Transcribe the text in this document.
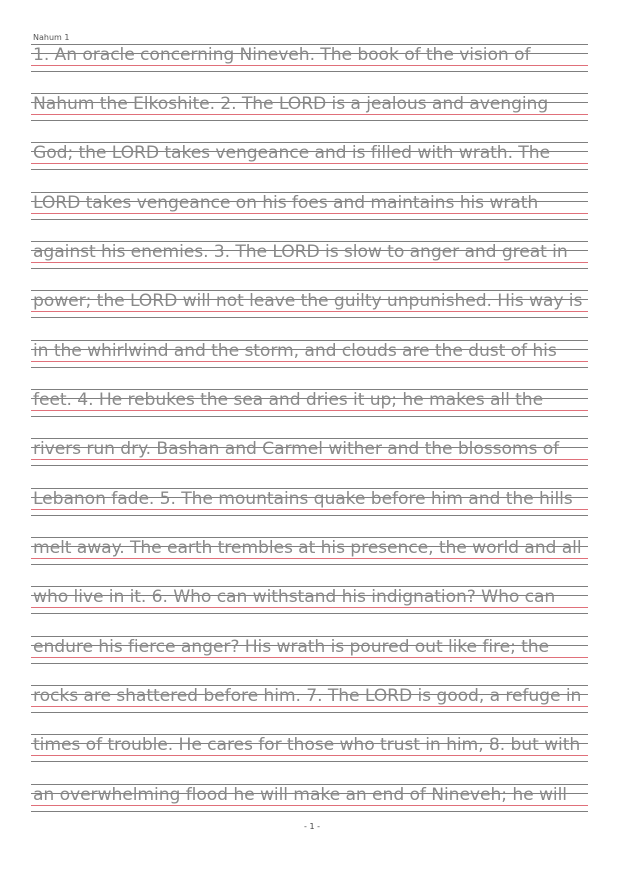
Nahum 1
1. An oracle concerning Nineveh. The book of the vision of
Nahum the Elkoshite. 2. The LORD is a jealous and avenging
God; the LORD takes vengeance and is filled with wrath. The
LORD takes vengeance on his foes and maintains his wrath
against his enemies. 3. The LORD is slow to anger and great in
power; the LORD will not leave the guilty unpunished. His way is
in the whirlwind and the storm, and clouds are the dust of his
feet. 4. He rebukes the sea and dries it up; he makes all the
rivers run dry. Bashan and Carmel wither and the blossoms of
Lebanon fade. 5. The mountains quake before him and the hills
melt away. The earth trembles at his presence, the world and all
who live in it. 6. Who can withstand his indignation? Who can
endure his fierce anger? His wrath is poured out like fire; the
rocks are shattered before him. 7. The LORD is good, a refuge in
times of trouble. He cares for those who trust in him, 8. but with
an overwhelming flood he will make an end of Nineveh; he will
- 1 -
